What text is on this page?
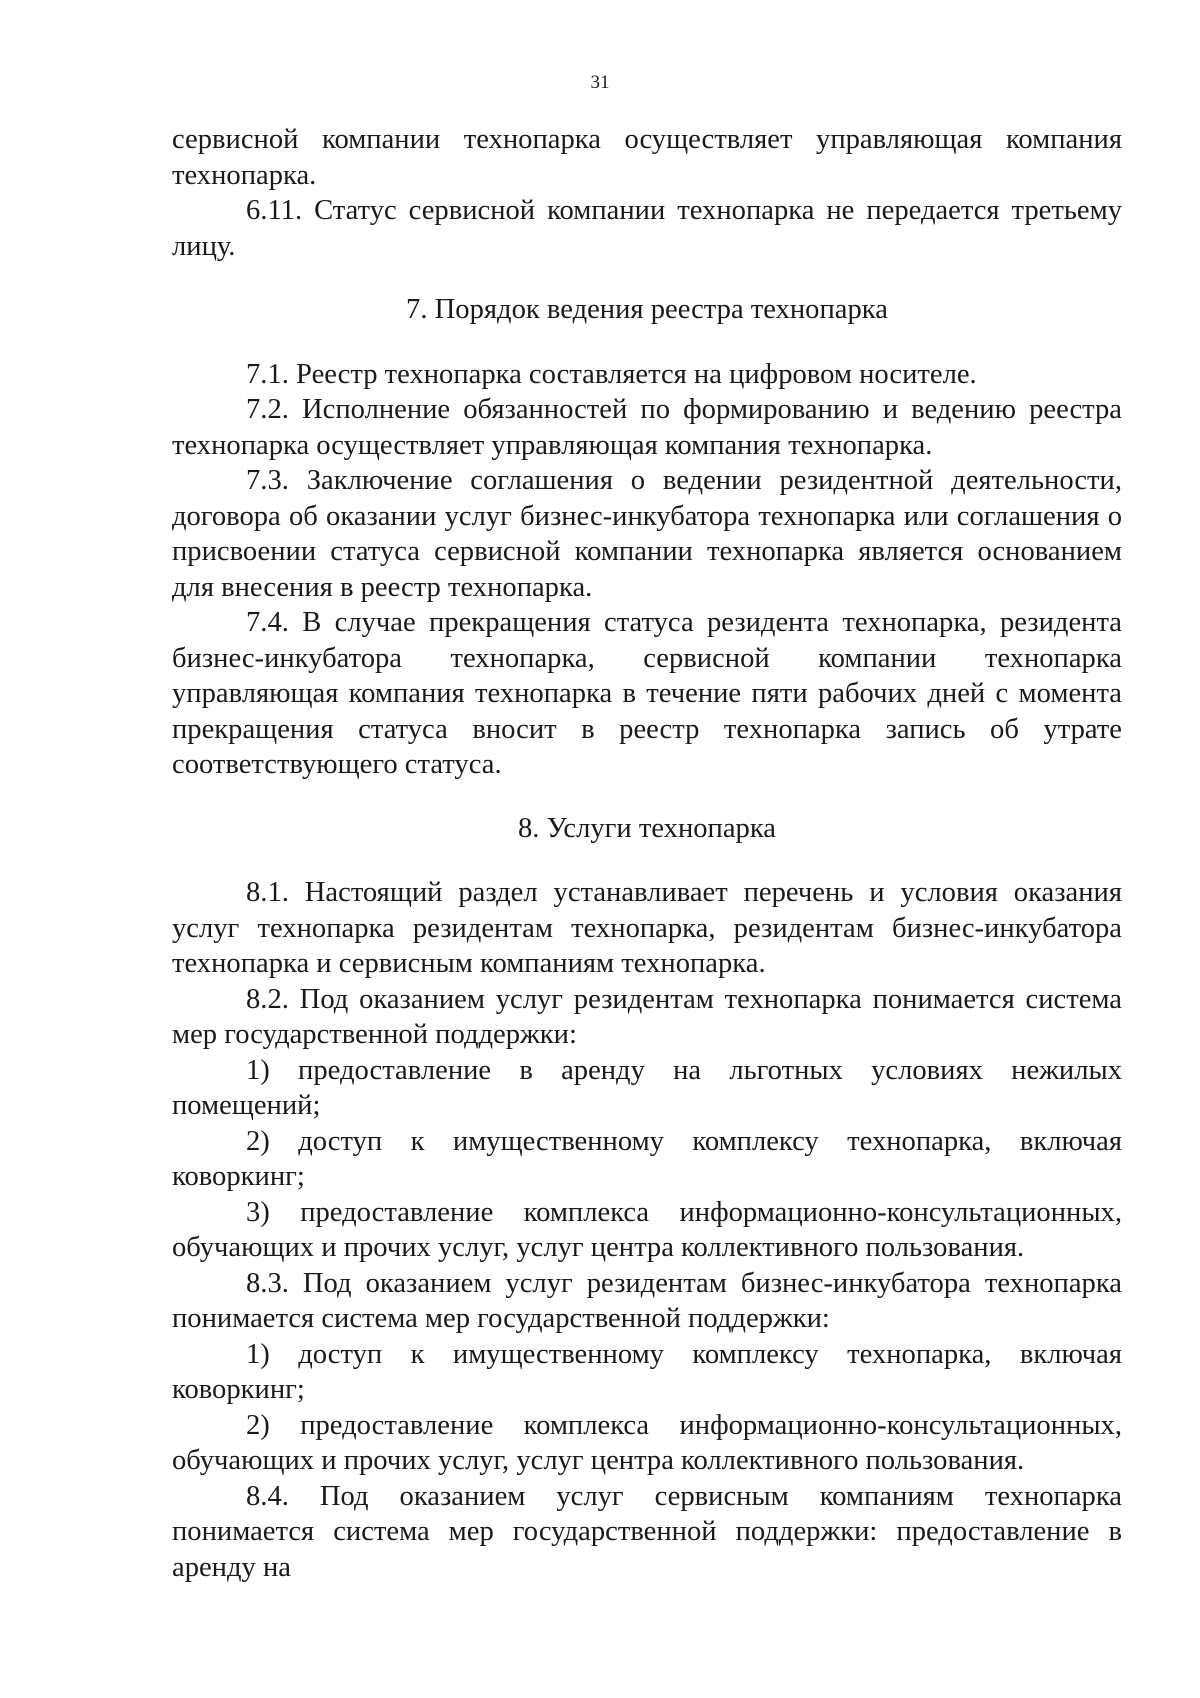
31

сервисной компании технопарка осуществляет управляющая компания технопарка.

6.11. Статус сервисной компании технопарка не передается третьему лицу.

7. Порядок ведения реестра технопарка

7.1. Реестр технопарка составляется на цифровом носителе.

7.2. Исполнение обязанностей по формированию и ведению реестра технопарка осуществляет управляющая компания технопарка.

7.3. Заключение соглашения о ведении резидентной деятельности, договора об оказании услуг бизнес-инкубатора технопарка или соглашения о присвоении статуса сервисной компании технопарка является основанием для внесения в реестр технопарка.

7.4. В случае прекращения статуса резидента технопарка, резидента бизнес-инкубатора технопарка, сервисной компании технопарка управляющая компания технопарка в течение пяти рабочих дней с момента прекращения статуса вносит в реестр технопарка запись об утрате соответствующего статуса.

8. Услуги технопарка

8.1. Настоящий раздел устанавливает перечень и условия оказания услуг технопарка резидентам технопарка, резидентам бизнес-инкубатора технопарка и сервисным компаниям технопарка.

8.2. Под оказанием услуг резидентам технопарка понимается система мер государственной поддержки:

1) предоставление в аренду на льготных условиях нежилых помещений;

2) доступ к имущественному комплексу технопарка, включая коворкинг;

3) предоставление комплекса информационно-консультационных, обучающих и прочих услуг, услуг центра коллективного пользования.

8.3. Под оказанием услуг резидентам бизнес-инкубатора технопарка понимается система мер государственной поддержки:

1) доступ к имущественному комплексу технопарка, включая коворкинг;

2) предоставление комплекса информационно-консультационных, обучающих и прочих услуг, услуг центра коллективного пользования.

8.4. Под оказанием услуг сервисным компаниям технопарка понимается система мер государственной поддержки: предоставление в аренду на
